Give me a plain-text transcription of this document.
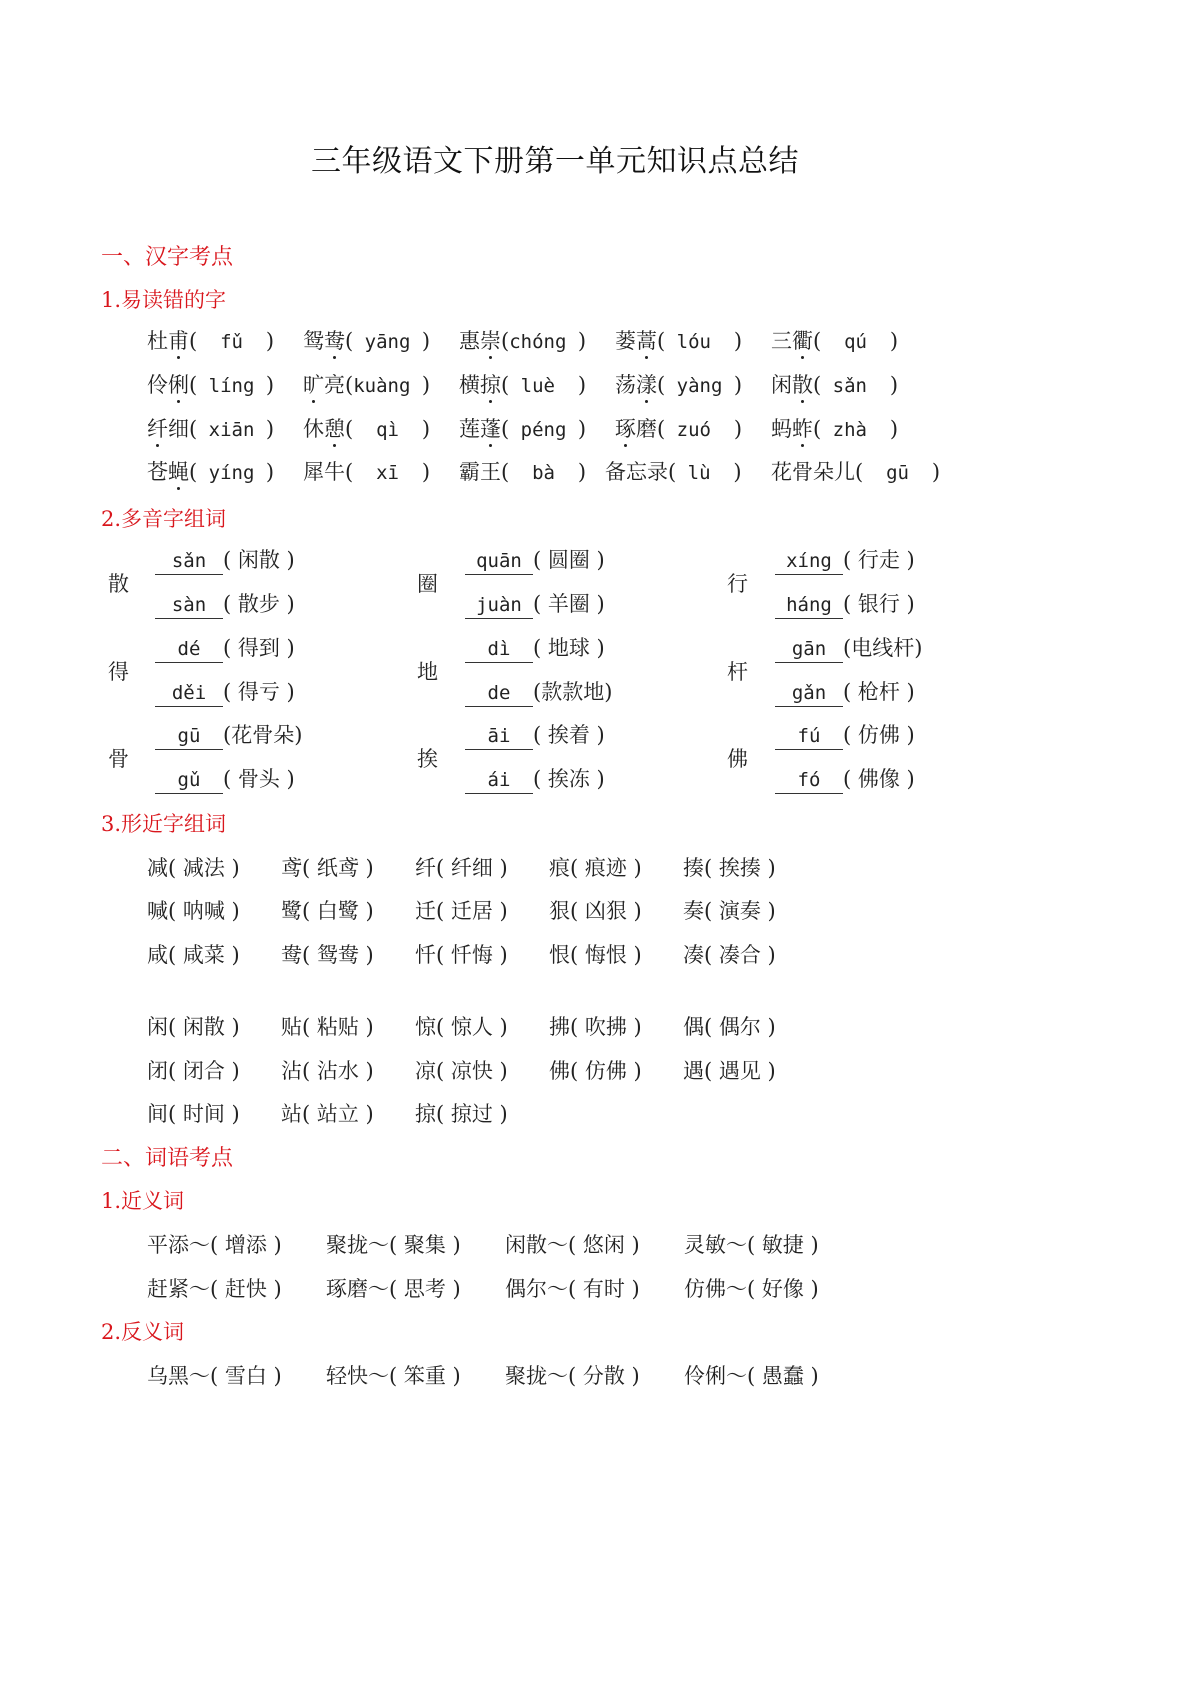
三年级语文下册第一单元知识点总结
一、汉字考点
1.易读错的字
杜甫(  fǔ  ) 鸳鸯( yāng ) 惠崇(chóng ) 蒌蒿( lóu  ) 三衢(  qú  )
伶俐( líng ) 旷亮(kuàng ) 横掠( luè  ) 荡漾( yàng ) 闲散( sǎn  )
纤细( xiān ) 休憩(  qì  ) 莲蓬( péng ) 琢磨( zuó  ) 蚂蚱( zhà  )
苍蝇( yíng ) 犀牛(  xī  ) 霸王(  bà  ) 备忘录( lù  ) 花骨朵儿(  gū  )
2.多音字组词
散
sǎn ( 闲散 )
sàn ( 散步 )
圈
quān ( 圆圈 )
juàn ( 羊圈 )
行
xíng ( 行走 )
háng ( 银行 )
得
dé ( 得到 )
děi ( 得亏 )
地
dì ( 地球 )
de (款款地)
杆
gān (电线杆)
gǎn ( 枪杆 )
骨
gū (花骨朵)
gǔ ( 骨头 )
挨
āi ( 挨着 )
ái ( 挨冻 )
佛
fú ( 仿佛 )
fó ( 佛像 )
3.形近字组词
减( 减法 ) 鸢( 纸鸢 ) 纤( 纤细 ) 痕( 痕迹 ) 揍( 挨揍 )
喊( 呐喊 ) 鹭( 白鹭 ) 迁( 迁居 ) 狠( 凶狠 ) 奏( 演奏 )
咸( 咸菜 ) 鸯( 鸳鸯 ) 忏( 忏悔 ) 恨( 悔恨 ) 凑( 凑合 )
闲( 闲散 ) 贴( 粘贴 ) 惊( 惊人 ) 拂( 吹拂 ) 偶( 偶尔 )
闭( 闭合 ) 沾( 沾水 ) 凉( 凉快 ) 佛( 仿佛 ) 遇( 遇见 )
间( 时间 ) 站( 站立 ) 掠( 掠过 )
二、词语考点
1.近义词
平添～( 增添 ) 聚拢～( 聚集 ) 闲散～( 悠闲 ) 灵敏～( 敏捷 )
赶紧～( 赶快 ) 琢磨～( 思考 ) 偶尔～( 有时 ) 仿佛～( 好像 )
2.反义词
乌黑～( 雪白 ) 轻快～( 笨重 ) 聚拢～( 分散 ) 伶俐～( 愚蠢 )
